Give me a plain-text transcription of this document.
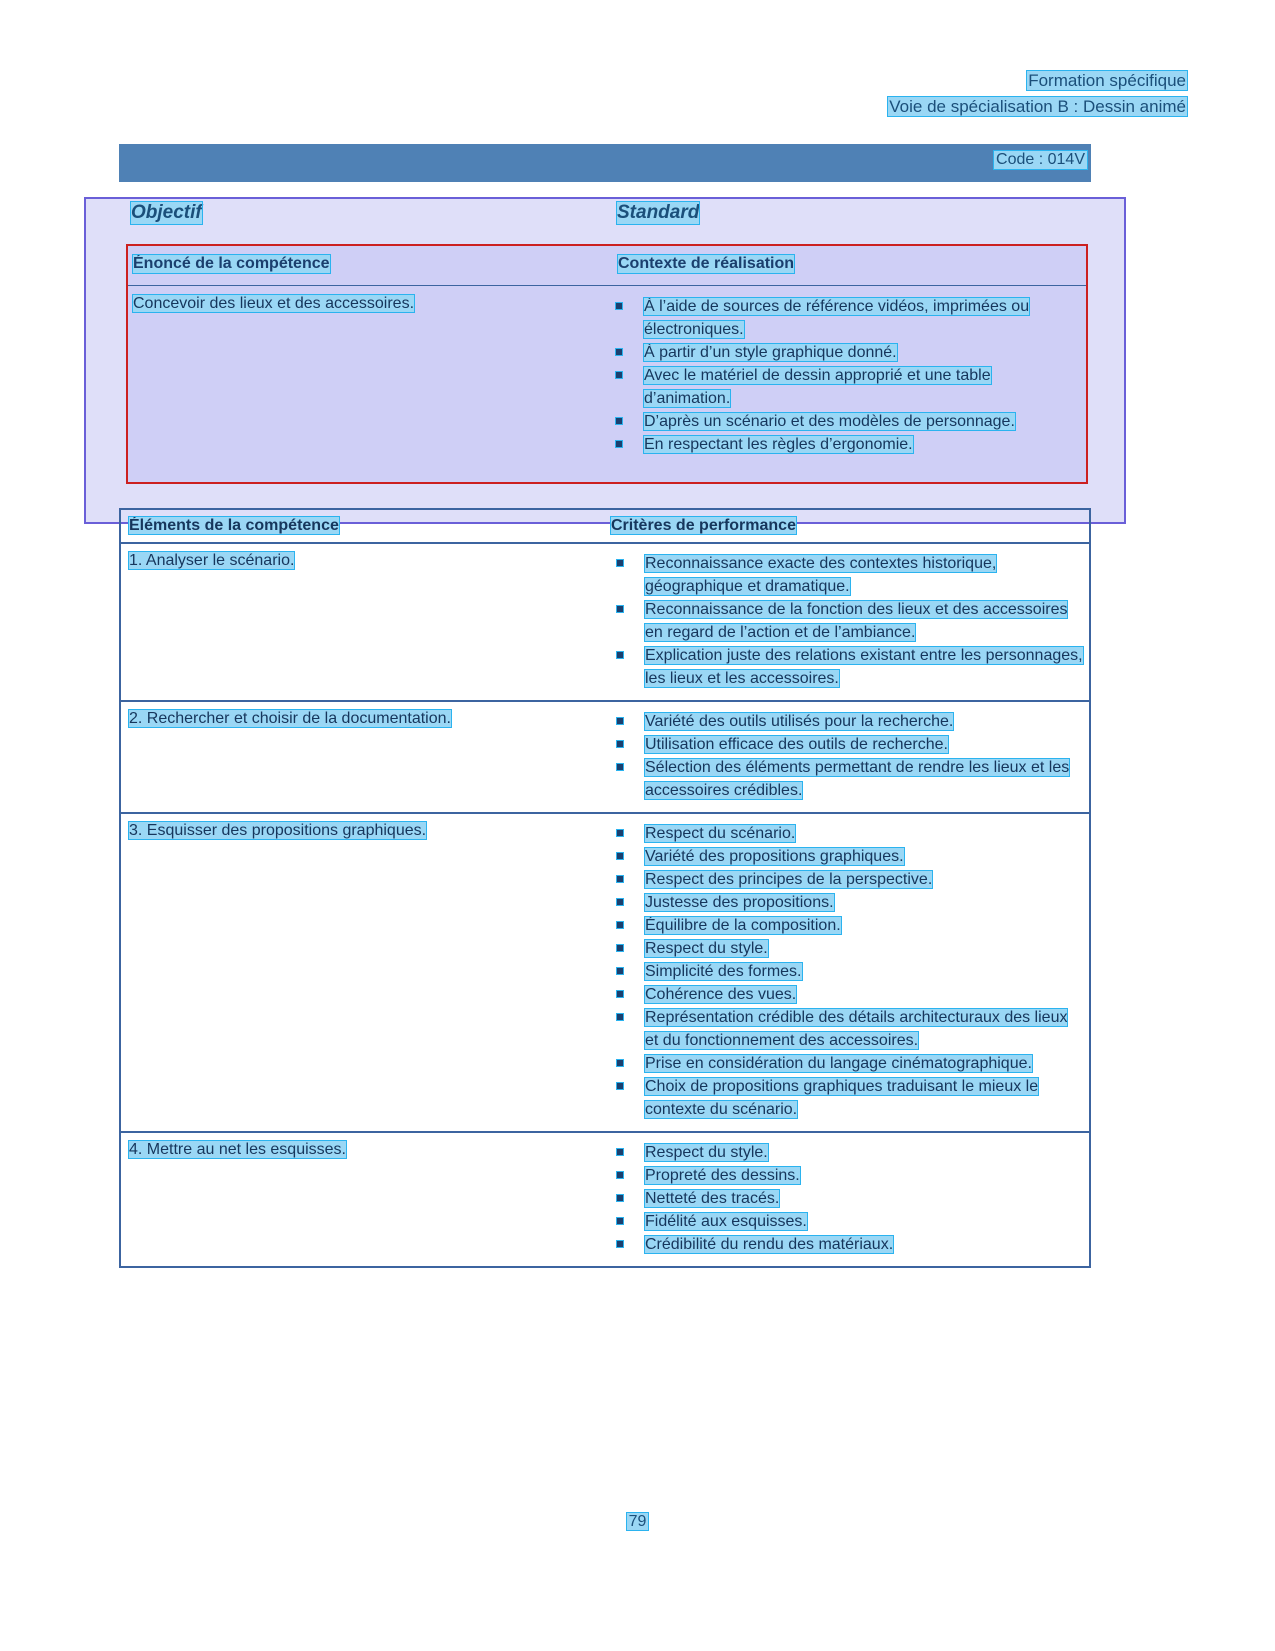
Formation spécifique
Voie de spécialisation B : Dessin animé
Code : 014V
Objectif	Standard
Énoncé de la compétence	Contexte de réalisation
Concevoir des lieux et des accessoires.	À l’aide de sources de référence vidéos, imprimées ou électroniques.
À partir d’un style graphique donné.
Avec le matériel de dessin approprié et une table d’animation.
D’après un scénario et des modèles de personnage.
En respectant les règles d’ergonomie.
Éléments de la compétence	Critères de performance
1. Analyser le scénario.	Reconnaissance exacte des contextes historique, géographique et dramatique.
Reconnaissance de la fonction des lieux et des accessoires en regard de l’action et de l’ambiance.
Explication juste des relations existant entre les personnages, les lieux et les accessoires.
2. Rechercher et choisir de la documentation.	Variété des outils utilisés pour la recherche.
Utilisation efficace des outils de recherche.
Sélection des éléments permettant de rendre les lieux et les accessoires crédibles.
3. Esquisser des propositions graphiques.	Respect du scénario.
Variété des propositions graphiques.
Respect des principes de la perspective.
Justesse des propositions.
Équilibre de la composition.
Respect du style.
Simplicité des formes.
Cohérence des vues.
Représentation crédible des détails architecturaux des lieux et du fonctionnement des accessoires.
Prise en considération du langage cinématographique.
Choix de propositions graphiques traduisant le mieux le contexte du scénario.
4. Mettre au net les esquisses.	Respect du style.
Propreté des dessins.
Netteté des tracés.
Fidélité aux esquisses.
Crédibilité du rendu des matériaux.
79
